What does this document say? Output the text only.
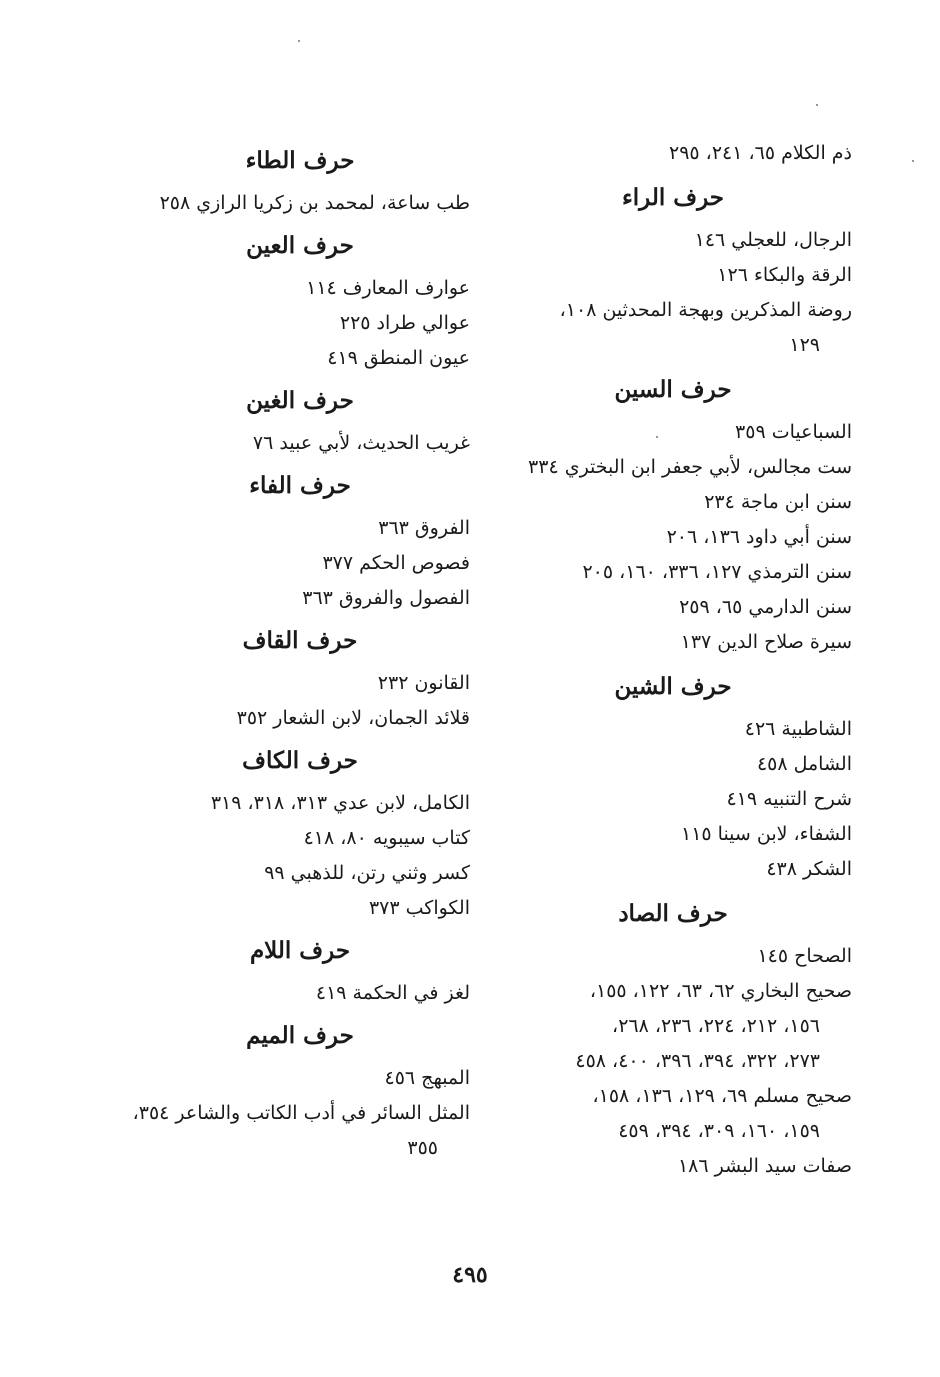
ذم الكلام ٦٥، ٢٤١، ٢٩٥

حرف الراء

الرجال، للعجلي ١٤٦

الرقة والبكاء ١٢٦

روضة المذكرين وبهجة المحدثين ١٠٨،

١٢٩

حرف السين

السباعيات ٣٥٩

ست مجالس، لأبي جعفر ابن البختري ٣٣٤

سنن ابن ماجة ٢٣٤

سنن أبي داود ١٣٦، ٢٠٦

سنن الترمذي ١٢٧، ٣٣٦، ١٦٠، ٢٠٥

سنن الدارمي ٦٥، ٢٥٩

سيرة صلاح الدين ١٣٧

حرف الشين

الشاطبية ٤٢٦

الشامل ٤٥٨

شرح التنبيه ٤١٩

الشفاء، لابن سينا ١١٥

الشكر ٤٣٨

حرف الصاد

الصحاح ١٤٥

صحيح البخاري ٦٢، ٦٣، ١٢٢، ١٥٥،

١٥٦، ٢١٢، ٢٢٤، ٢٣٦، ٢٦٨،

٢٧٣، ٣٢٢، ٣٩٤، ٣٩٦، ٤٠٠، ٤٥٨

صحيح مسلم ٦٩، ١٢٩، ١٣٦، ١٥٨،

١٥٩، ١٦٠، ٣٠٩، ٣٩٤، ٤٥٩

صفات سيد البشر ١٨٦

حرف الطاء

طب ساعة، لمحمد بن زكريا الرازي ٢٥٨

حرف العين

عوارف المعارف ١١٤

عوالي طراد ٢٢٥

عيون المنطق ٤١٩

حرف الغين

غريب الحديث، لأبي عبيد ٧٦

حرف الفاء

الفروق ٣٦٣

فصوص الحكم ٣٧٧

الفصول والفروق ٣٦٣

حرف القاف

القانون ٢٣٢

قلائد الجمان، لابن الشعار ٣٥٢

حرف الكاف

الكامل، لابن عدي ٣١٣، ٣١٨، ٣١٩

كتاب سيبويه ٨٠، ٤١٨

كسر وثني رتن، للذهبي ٩٩

الكواكب ٣٧٣

حرف اللام

لغز في الحكمة ٤١٩

حرف الميم

المبهج ٤٥٦

المثل السائر في أدب الكاتب والشاعر ٣٥٤،

٣٥٥

٤٩٥
